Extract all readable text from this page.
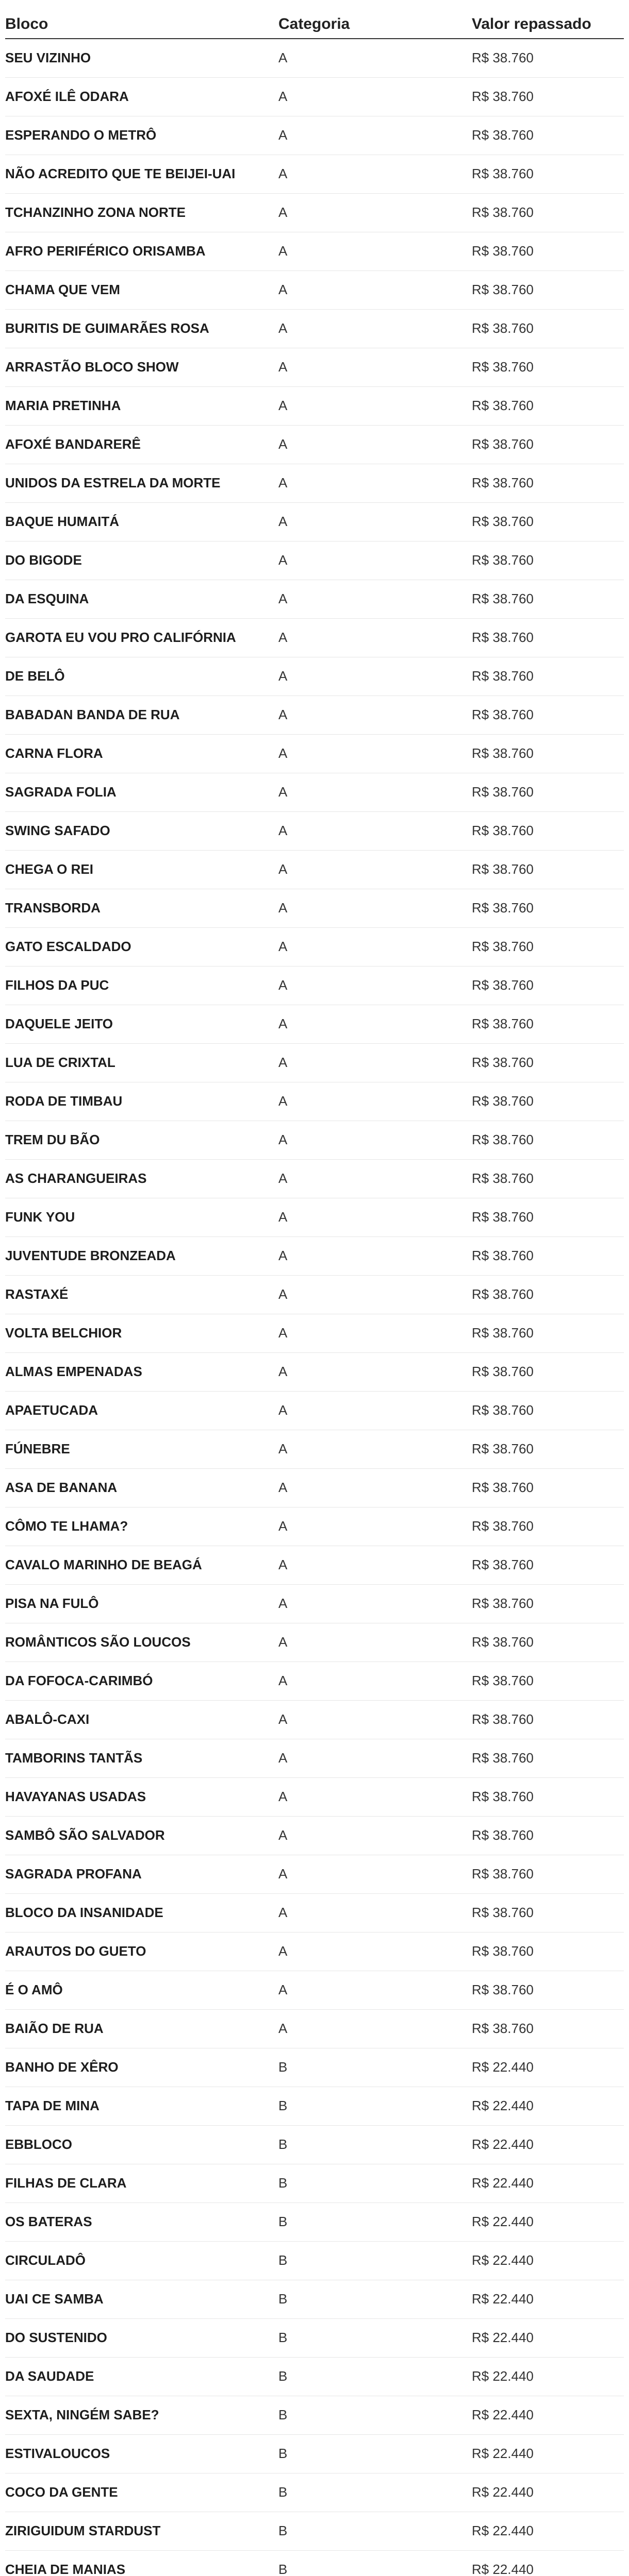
Bloco	Categoria	Valor repassado
SEU VIZINHO	A	R$ 38.760
AFOXÉ ILÊ ODARA	A	R$ 38.760
ESPERANDO O METRÔ	A	R$ 38.760
NÃO ACREDITO QUE TE BEIJEI-UAI	A	R$ 38.760
TCHANZINHO ZONA NORTE	A	R$ 38.760
AFRO PERIFÉRICO ORISAMBA	A	R$ 38.760
CHAMA QUE VEM	A	R$ 38.760
BURITIS DE GUIMARÃES ROSA	A	R$ 38.760
ARRASTÃO BLOCO SHOW	A	R$ 38.760
MARIA PRETINHA	A	R$ 38.760
AFOXÉ BANDARERÊ	A	R$ 38.760
UNIDOS DA ESTRELA DA MORTE	A	R$ 38.760
BAQUE HUMAITÁ	A	R$ 38.760
DO BIGODE	A	R$ 38.760
DA ESQUINA	A	R$ 38.760
GAROTA EU VOU PRO CALIFÓRNIA	A	R$ 38.760
DE BELÔ	A	R$ 38.760
BABADAN BANDA DE RUA	A	R$ 38.760
CARNA FLORA	A	R$ 38.760
SAGRADA FOLIA	A	R$ 38.760
SWING SAFADO	A	R$ 38.760
CHEGA O REI	A	R$ 38.760
TRANSBORDA	A	R$ 38.760
GATO ESCALDADO	A	R$ 38.760
FILHOS DA PUC	A	R$ 38.760
DAQUELE JEITO	A	R$ 38.760
LUA DE CRIXTAL	A	R$ 38.760
RODA DE TIMBAU	A	R$ 38.760
TREM DU BÃO	A	R$ 38.760
AS CHARANGUEIRAS	A	R$ 38.760
FUNK YOU	A	R$ 38.760
JUVENTUDE BRONZEADA	A	R$ 38.760
RASTAXÉ	A	R$ 38.760
VOLTA BELCHIOR	A	R$ 38.760
ALMAS EMPENADAS	A	R$ 38.760
APAETUCADA	A	R$ 38.760
FÚNEBRE	A	R$ 38.760
ASA DE BANANA	A	R$ 38.760
CÔMO TE LHAMA?	A	R$ 38.760
CAVALO MARINHO DE BEAGÁ	A	R$ 38.760
PISA NA FULÔ	A	R$ 38.760
ROMÂNTICOS SÃO LOUCOS	A	R$ 38.760
DA FOFOCA-CARIMBÓ	A	R$ 38.760
ABALÔ-CAXI	A	R$ 38.760
TAMBORINS TANTÃS	A	R$ 38.760
HAVAYANAS USADAS	A	R$ 38.760
SAMBÔ SÃO SALVADOR	A	R$ 38.760
SAGRADA PROFANA	A	R$ 38.760
BLOCO DA INSANIDADE	A	R$ 38.760
ARAUTOS DO GUETO	A	R$ 38.760
É O AMÔ	A	R$ 38.760
BAIÃO DE RUA	A	R$ 38.760
BANHO DE XÊRO	B	R$ 22.440
TAPA DE MINA	B	R$ 22.440
EBBLOCO	B	R$ 22.440
FILHAS DE CLARA	B	R$ 22.440
OS BATERAS	B	R$ 22.440
CIRCULADÔ	B	R$ 22.440
UAI CE SAMBA	B	R$ 22.440
DO SUSTENIDO	B	R$ 22.440
DA SAUDADE	B	R$ 22.440
SEXTA, NINGÉM SABE?	B	R$ 22.440
ESTIVALOUCOS	B	R$ 22.440
COCO DA GENTE	B	R$ 22.440
ZIRIGUIDUM STARDUST	B	R$ 22.440
CHEIA DE MANIAS	B	R$ 22.440
